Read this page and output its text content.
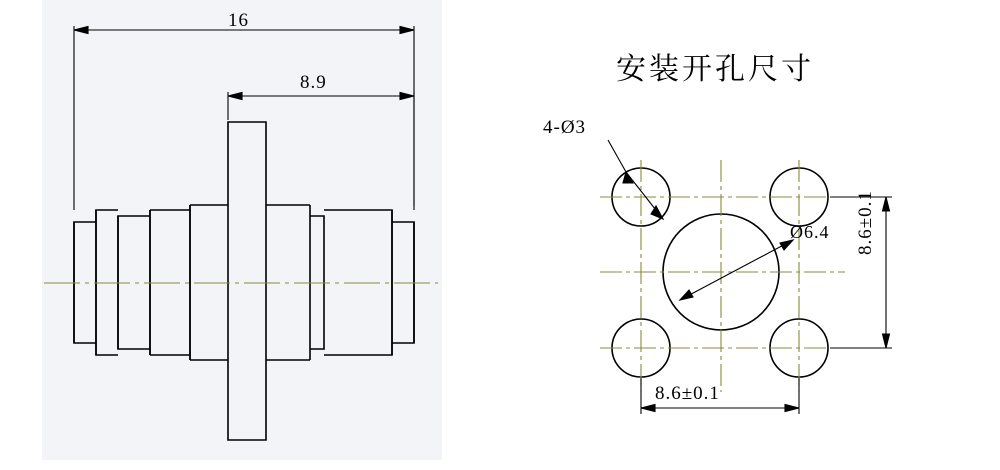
16
8.9	安装开孔尺寸
4-Ø3
Ø6.4
8.6±0.1
8.6±0.1
